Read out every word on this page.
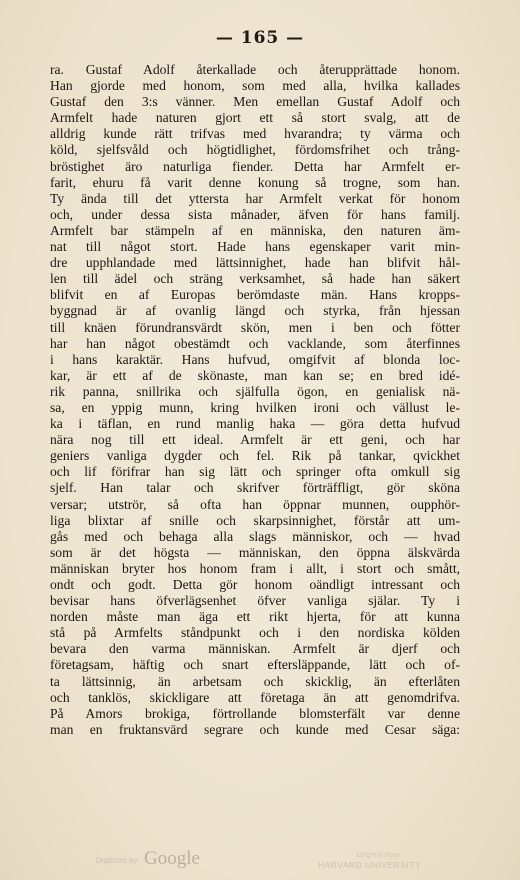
— 165 —
ra. Gustaf Adolf återkallade och återupprättade honom.
Han gjorde med honom, som med alla, hvilka kallades
Gustaf den 3:s vänner. Men emellan Gustaf Adolf och
Armfelt hade naturen gjort ett så stort svalg, att de
alldrig kunde rätt trifvas med hvarandra; ty värma och
köld, sjelfsvåld och högtidlighet, fördomsfrihet och trång-
bröstighet äro naturliga fiender. Detta har Armfelt er-
farit, ehuru få varit denne konung så trogne, som han.
Ty ända till det yttersta har Armfelt verkat för honom
och, under dessa sista månader, äfven för hans familj.
Armfelt bar stämpeln af en människa, den naturen äm-
nat till något stort. Hade hans egenskaper varit min-
dre upphlandade med lättsinnighet, hade han blifvit hål-
len till ädel och sträng verksamhet, så hade han säkert
blifvit en af Europas berömdaste män. Hans kropps-
byggnad är af ovanlig längd och styrka, från hjessan
till knäen förundransvärdt skön, men i ben och fötter
har han något obestämdt och vacklande, som återfinnes
i hans karaktär. Hans hufvud, omgifvit af blonda loc-
kar, är ett af de skönaste, man kan se; en bred idé-
rik panna, snillrika och själfulla ögon, en genialisk nä-
sa, en yppig munn, kring hvilken ironi och vällust le-
ka i täflan, en rund manlig haka — göra detta hufvud
nära nog till ett ideal. Armfelt är ett geni, och har
geniers vanliga dygder och fel. Rik på tankar, qvickhet
och lif förifrar han sig lätt och springer ofta omkull sig
sjelf. Han talar och skrifver förträffligt, gör sköna
versar; utströr, så ofta han öppnar munnen, oupphör-
liga blixtar af snille och skarpsinnighet, förstår att um-
gås med och behaga alla slags människor, och — hvad
som är det högsta — människan, den öppna älskvärda
människan bryter hos honom fram i allt, i stort och smått,
ondt och godt. Detta gör honom oändligt intressant och
bevisar hans öfverlägsenhet öfver vanliga själar. Ty i
norden måste man äga ett rikt hjerta, för att kunna
stå på Armfelts ståndpunkt och i den nordiska kölden
bevara den varma människan. Armfelt är djerf och
företagsam, häftig och snart eftersläppande, lätt och of-
ta lättsinnig, än arbetsam och skicklig, än efterlåten
och tanklös, skickligare att företaga än att genomdrifva.
På Amors brokiga, förtrollande blomsterfält var denne
man en fruktansvärd segrare och kunde med Cesar säga:
Digitized by Google	Original from
HARVARD UNIVERSITY
